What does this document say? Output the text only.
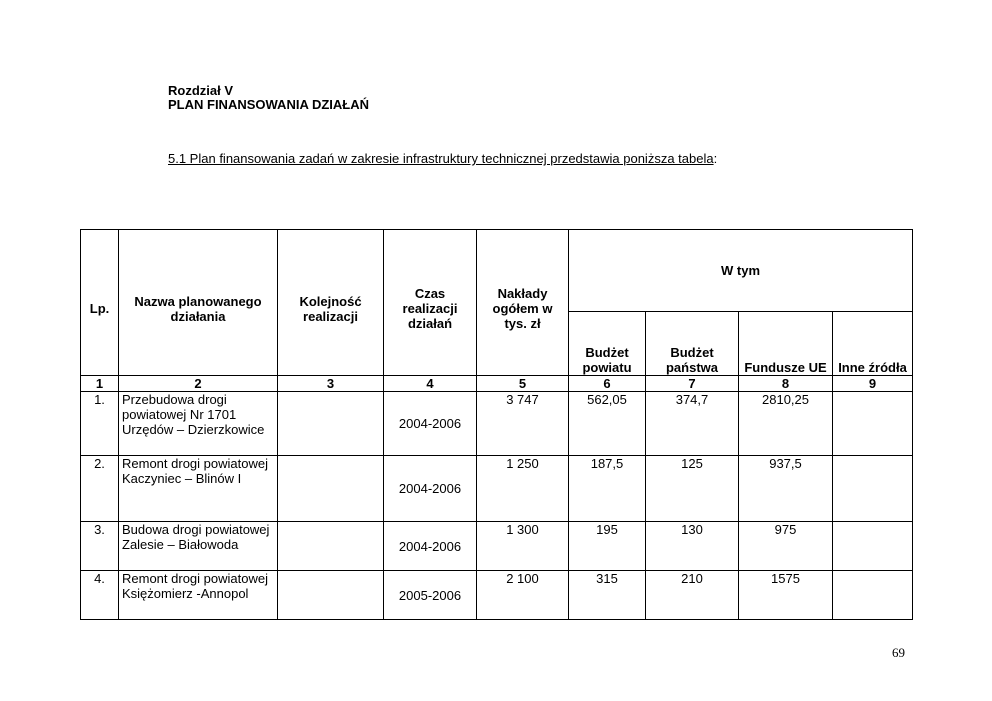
Rozdział V
PLAN FINANSOWANIA DZIAŁAŃ
5.1 Plan finansowania zadań w zakresie infrastruktury technicznej przedstawia poniższa tabela:
Lp.	Nazwa planowanego działania	Kolejność realizacji	Czas realizacji działań	Nakłady ogółem w tys. zł	W tym			
					Budżet powiatu	Budżet państwa	Fundusze UE	Inne źródła
1	2	3	4	5	6	7	8	9
1.	Przebudowa drogi powiatowej Nr 1701 Urzędów – Dzierzkowice		2004-2006	3 747	562,05	374,7	2810,25	
2.	Remont drogi powiatowej Kaczyniec – Blinów I		2004-2006	1 250	187,5	125	937,5	
3.	Budowa drogi powiatowej Zalesie – Białowoda		2004-2006	1 300	195	130	975	
4.	Remont drogi powiatowej Księżomierz -Annopol		2005-2006	2 100	315	210	1575	
69
